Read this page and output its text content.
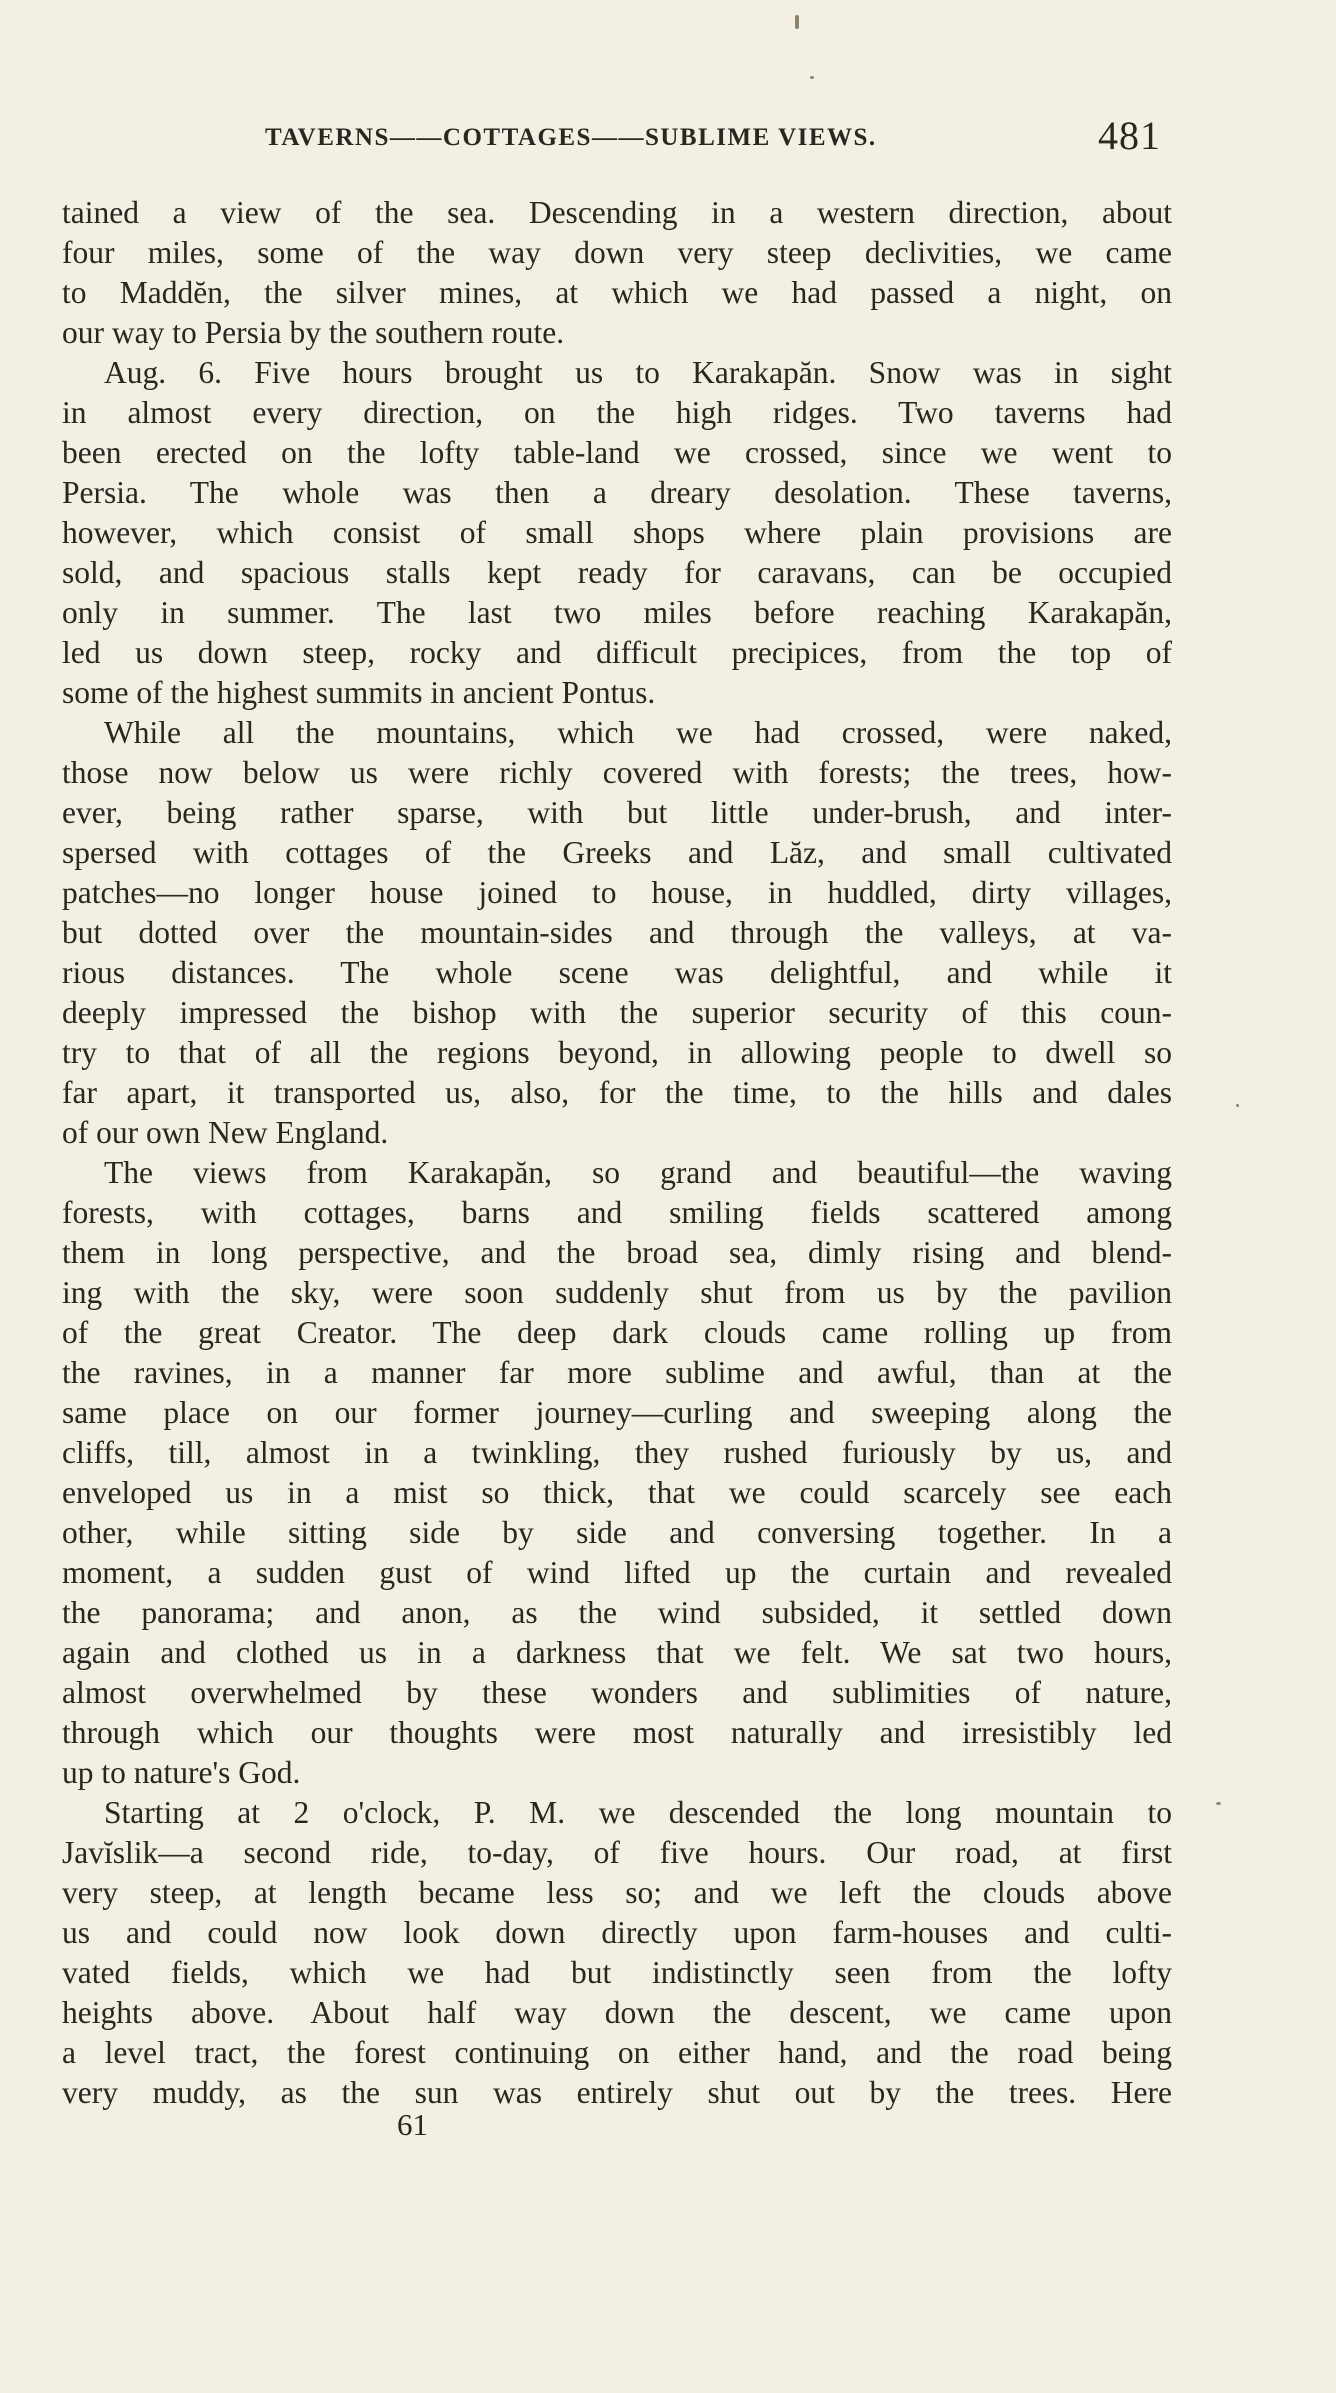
TAVERNS——COTTAGES——SUBLIME VIEWS.	481
tained a view of the sea. Descending in a western direction, about
four miles, some of the way down very steep declivities, we came
to Maddĕn, the silver mines, at which we had passed a night, on
our way to Persia by the southern route.
Aug. 6. Five hours brought us to Karakapăn. Snow was in sight
in almost every direction, on the high ridges. Two taverns had
been erected on the lofty table-land we crossed, since we went to
Persia. The whole was then a dreary desolation. These taverns,
however, which consist of small shops where plain provisions are
sold, and spacious stalls kept ready for caravans, can be occupied
only in summer. The last two miles before reaching Karakapăn,
led us down steep, rocky and difficult precipices, from the top of
some of the highest summits in ancient Pontus.
While all the mountains, which we had crossed, were naked,
those now below us were richly covered with forests; the trees, how-
ever, being rather sparse, with but little under-brush, and inter-
spersed with cottages of the Greeks and Lăz, and small cultivated
patches—no longer house joined to house, in huddled, dirty villages,
but dotted over the mountain-sides and through the valleys, at va-
rious distances. The whole scene was delightful, and while it
deeply impressed the bishop with the superior security of this coun-
try to that of all the regions beyond, in allowing people to dwell so
far apart, it transported us, also, for the time, to the hills and dales
of our own New England.
The views from Karakapăn, so grand and beautiful—the waving
forests, with cottages, barns and smiling fields scattered among
them in long perspective, and the broad sea, dimly rising and blend-
ing with the sky, were soon suddenly shut from us by the pavilion
of the great Creator. The deep dark clouds came rolling up from
the ravines, in a manner far more sublime and awful, than at the
same place on our former journey—curling and sweeping along the
cliffs, till, almost in a twinkling, they rushed furiously by us, and
enveloped us in a mist so thick, that we could scarcely see each
other, while sitting side by side and conversing together. In a
moment, a sudden gust of wind lifted up the curtain and revealed
the panorama; and anon, as the wind subsided, it settled down
again and clothed us in a darkness that we felt. We sat two hours,
almost overwhelmed by these wonders and sublimities of nature,
through which our thoughts were most naturally and irresistibly led
up to nature's God.
Starting at 2 o'clock, P. M. we descended the long mountain to
Javĭslik—a second ride, to-day, of five hours. Our road, at first
very steep, at length became less so; and we left the clouds above
us and could now look down directly upon farm-houses and culti-
vated fields, which we had but indistinctly seen from the lofty
heights above. About half way down the descent, we came upon
a level tract, the forest continuing on either hand, and the road being
very muddy, as the sun was entirely shut out by the trees. Here
61
